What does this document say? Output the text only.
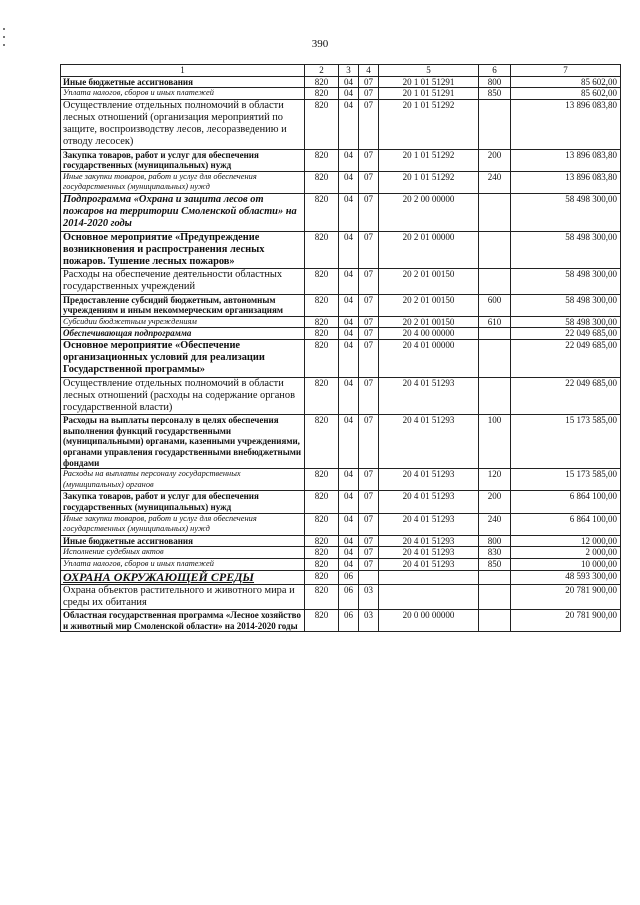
390
1	2	3	4	5	6	7
Иные бюджетные ассигнования	820	04	07	20 1 01 51291	800	85 602,00
Уплата налогов, сборов и иных платежей	820	04	07	20 1 01 51291	850	85 602,00
Осуществление отдельных полномочий в области лесных отношений (организация мероприятий по защите, воспроизводству лесов, лесоразведению и отводу лесосек)	820	04	07	20 1 01 51292		13 896 083,80
Закупка товаров, работ и услуг для обеспечения государственных (муниципальных) нужд	820	04	07	20 1 01 51292	200	13 896 083,80
Иные закупки товаров, работ и услуг для обеспечения государственных (муниципальных) нужд	820	04	07	20 1 01 51292	240	13 896 083,80
Подпрограмма «Охрана и защита лесов от пожаров на территории Смоленской области» на 2014-2020 годы	820	04	07	20 2 00 00000		58 498 300,00
Основное мероприятие «Предупреждение возникновения и распространения лесных пожаров. Тушение лесных пожаров»	820	04	07	20 2 01 00000		58 498 300,00
Расходы на обеспечение деятельности областных государственных учреждений	820	04	07	20 2 01 00150		58 498 300,00
Предоставление субсидий бюджетным, автономным учреждениям и иным некоммерческим организациям	820	04	07	20 2 01 00150	600	58 498 300,00
Субсидии бюджетным учреждениям	820	04	07	20 2 01 00150	610	58 498 300,00
Обеспечивающая подпрограмма	820	04	07	20 4 00 00000		22 049 685,00
Основное мероприятие «Обеспечение организационных условий для реализации Государственной программы»	820	04	07	20 4 01 00000		22 049 685,00
Осуществление отдельных полномочий в области лесных отношений (расходы на содержание органов государственной власти)	820	04	07	20 4 01 51293		22 049 685,00
Расходы на выплаты персоналу в целях обеспечения выполнения функций государственными (муниципальными) органами, казенными учреждениями, органами управления государственными внебюджетными фондами	820	04	07	20 4 01 51293	100	15 173 585,00
Расходы на выплаты персоналу государственных (муниципальных) органов	820	04	07	20 4 01 51293	120	15 173 585,00
Закупка товаров, работ и услуг для обеспечения государственных (муниципальных) нужд	820	04	07	20 4 01 51293	200	6 864 100,00
Иные закупки товаров, работ и услуг для обеспечения государственных (муниципальных) нужд	820	04	07	20 4 01 51293	240	6 864 100,00
Иные бюджетные ассигнования	820	04	07	20 4 01 51293	800	12 000,00
Исполнение судебных актов	820	04	07	20 4 01 51293	830	2 000,00
Уплата налогов, сборов и иных платежей	820	04	07	20 4 01 51293	850	10 000,00
ОХРАНА ОКРУЖАЮЩЕЙ СРЕДЫ	820	06				48 593 300,00
Охрана объектов растительного и животного мира и среды их обитания	820	06	03			20 781 900,00
Областная государственная программа «Лесное хозяйство и животный мир Смоленской области» на 2014-2020 годы	820	06	03	20 0 00 00000		20 781 900,00
